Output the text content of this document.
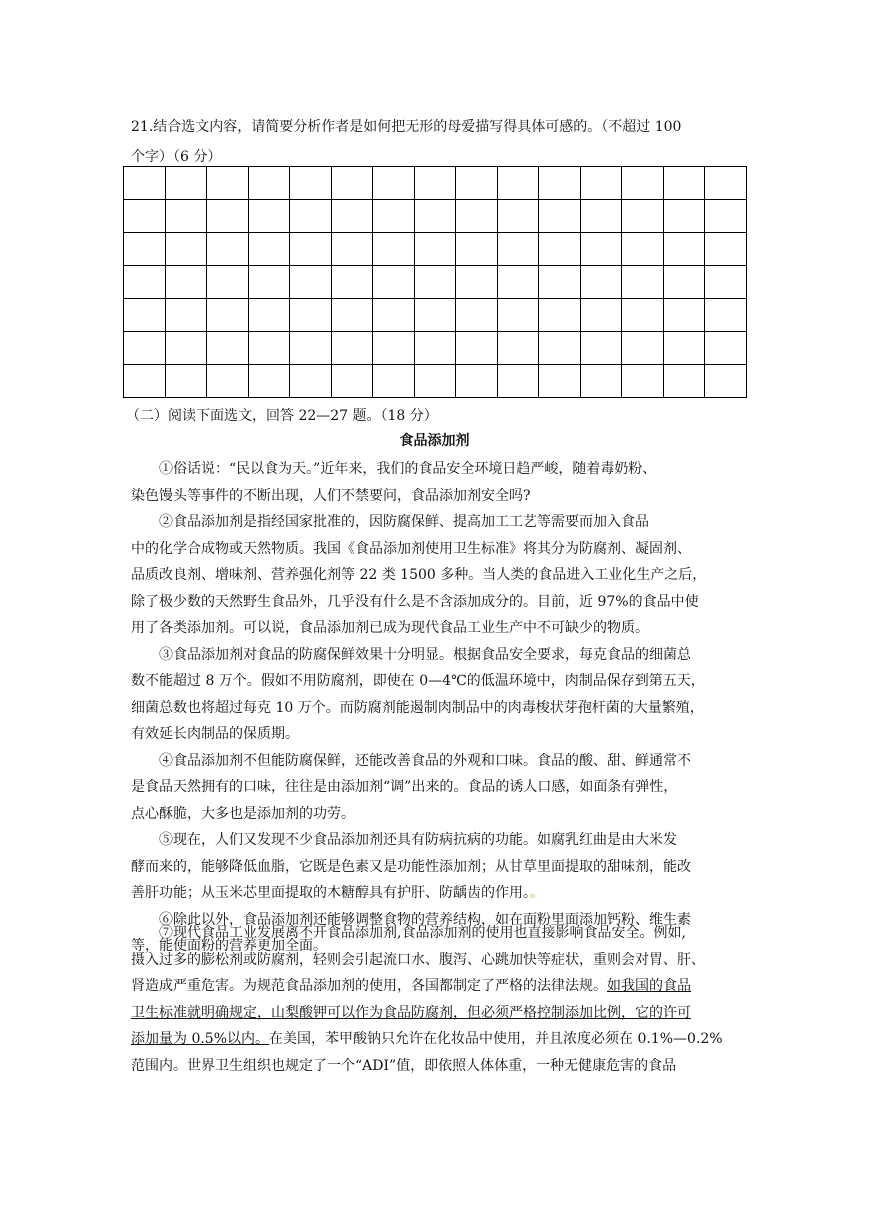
21.结合选文内容，请简要分析作者是如何把无形的母爱描写得具体可感的。（不超过 100
个字）（6 分）

（二）阅读下面选文，回答 22—27 题。（18 分）
食品添加剂
①俗话说：“民以食为天。”近年来，我们的食品安全环境日趋严峻，随着毒奶粉、
染色馒头等事件的不断出现，人们不禁要问，食品添加剂安全吗?
②食品添加剂是指经国家批准的，因防腐保鲜、提高加工工艺等需要而加入食品
中的化学合成物或天然物质。我国《食品添加剂使用卫生标准》将其分为防腐剂、凝固剂、
品质改良剂、增味剂、营养强化剂等 22 类 1500 多种。当人类的食品进入工业化生产之后，
除了极少数的天然野生食品外，几乎没有什么是不含添加成分的。目前，近 97%的食品中使
用了各类添加剂。可以说，食品添加剂已成为现代食品工业生产中不可缺少的物质。
③食品添加剂对食品的防腐保鲜效果十分明显。根据食品安全要求，每克食品的细菌总
数不能超过 8 万个。假如不用防腐剂，即使在 0—4℃的低温环境中，肉制品保存到第五天，
细菌总数也将超过每克 10 万个。而防腐剂能遏制肉制品中的肉毒梭状芽孢杆菌的大量繁殖，
有效延长肉制品的保质期。
④食品添加剂不但能防腐保鲜，还能改善食品的外观和口味。食品的酸、甜、鲜通常不
是食品天然拥有的口味，往往是由添加剂“调”出来的。食品的诱人口感，如面条有弹性，
点心酥脆，大多也是添加剂的功劳。
⑤现在，人们又发现不少食品添加剂还具有防病抗病的功能。如腐乳红曲是由大米发
酵而来的，能够降低血脂，它既是色素又是功能性添加剂；从甘草里面提取的甜味剂，能改
善肝功能；从玉米芯里面提取的木糖醇具有护肝、防龋齿的作用。。
⑥除此以外，食品添加剂还能够调整食物的营养结构，如在面粉里面添加钙粉、维生素
等，能使面粉的营养更加全面。
⑦现代食品工业发展离不开食品添加剂,食品添加剂的使用也直接影响食品安全。例如,
摄入过多的膨松剂或防腐剂，轻则会引起流口水、腹泻、心跳加快等症状，重则会对胃、肝、
肾造成严重危害。为规范食品添加剂的使用，各国都制定了严格的法律法规。如我国的食品
卫生标准就明确规定，山梨酸钾可以作为食品防腐剂，但必须严格控制添加比例，它的许可
添加量为 0.5%以内。在美国，苯甲酸钠只允许在化妆品中使用，并且浓度必须在 0.1%—0.2%
范围内。世界卫生组织也规定了一个“ADI”值，即依照人体体重，一种无健康危害的食品
